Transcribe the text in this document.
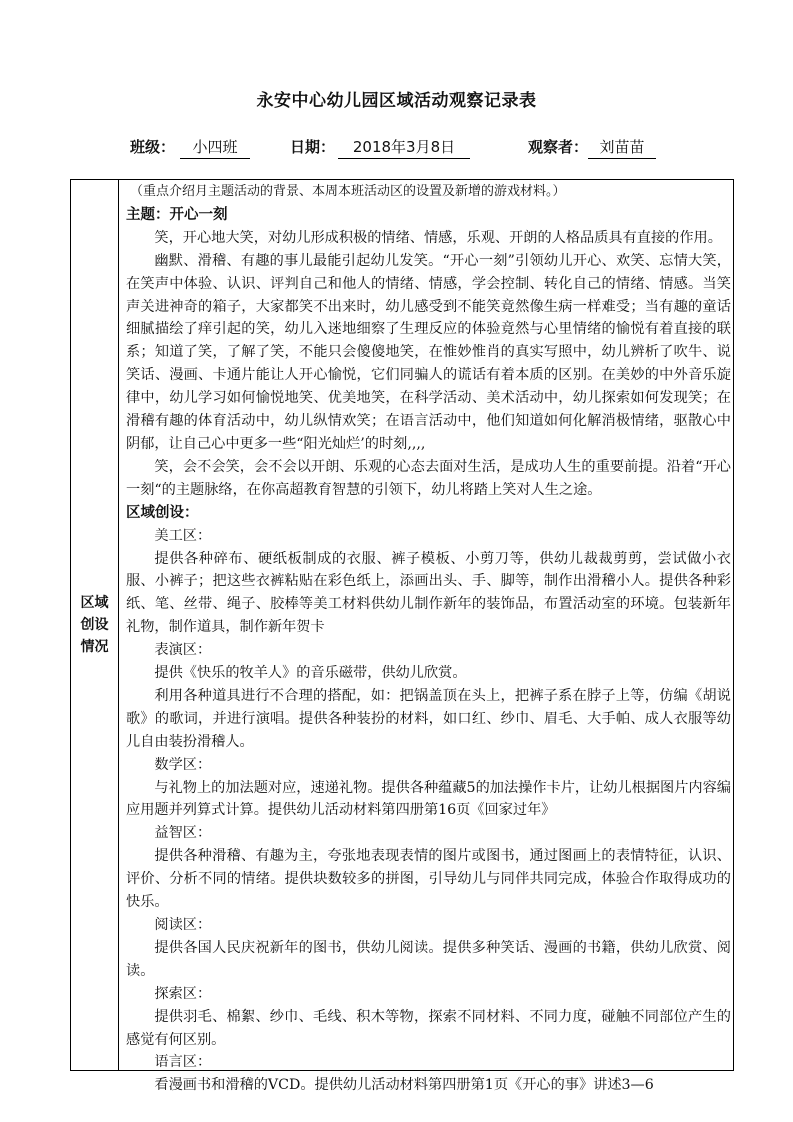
永安中心幼儿园区域活动观察记录表
班级：	小四班	日期：	2018年3月8日	观察者： 刘苗苗
区域
创设
情况

（重点介绍月主题活动的背景、本周本班活动区的设置及新增的游戏材料。）

主题：开心一刻

笑，开心地大笑，对幼儿形成积极的情绪、情感，乐观、开朗的人格品质具有直接的作用。

幽默、滑稽、有趣的事儿最能引起幼儿发笑。“开心一刻”引领幼儿开心、欢笑、忘情大笑，在笑声中体验、认识、评判自己和他人的情绪、情感，学会控制、转化自己的情绪、情感。当笑声关进神奇的箱子，大家都笑不出来时，幼儿感受到不能笑竟然像生病一样难受；当有趣的童话细腻描绘了痒引起的笑，幼儿入迷地细察了生理反应的体验竟然与心里情绪的愉悦有着直接的联系；知道了笑，了解了笑，不能只会傻傻地笑，在惟妙惟肖的真实写照中，幼儿辨析了吹牛、说笑话、漫画、卡通片能让人开心愉悦，它们同骗人的谎话有着本质的区别。在美妙的中外音乐旋律中，幼儿学习如何愉悦地笑、优美地笑，在科学活动、美术活动中，幼儿探索如何发现笑；在滑稽有趣的体育活动中，幼儿纵情欢笑；在语言活动中，他们知道如何化解消极情绪，驱散心中阴郁，让自己心中更多一些“阳光灿烂’的时刻,,,,

笑，会不会笑，会不会以开朗、乐观的心态去面对生活，是成功人生的重要前提。沿着“开心一刻“的主题脉络，在你高超教育智慧的引领下，幼儿将踏上笑对人生之途。

区域创设：

美工区：

提供各种碎布、硬纸板制成的衣服、裤子模板、小剪刀等，供幼儿裁裁剪剪，尝试做小衣服、小裤子；把这些衣裤粘贴在彩色纸上，添画出头、手、脚等，制作出滑稽小人。提供各种彩纸、笔、丝带、绳子、胶棒等美工材料供幼儿制作新年的装饰品，布置活动室的环境。包装新年礼物，制作道具，制作新年贺卡

表演区：

提供《快乐的牧羊人》的音乐磁带，供幼儿欣赏。

利用各种道具进行不合理的搭配，如：把锅盖顶在头上，把裤子系在脖子上等，仿编《胡说歌》的歌词，并进行演唱。提供各种装扮的材料，如口红、纱巾、眉毛、大手帕、成人衣服等幼儿自由装扮滑稽人。

数学区：

与礼物上的加法题对应，速递礼物。提供各种蕴藏5的加法操作卡片，让幼儿根据图片内容编应用题并列算式计算。提供幼儿活动材料第四册第16页《回家过年》

益智区：

提供各种滑稽、有趣为主，夸张地表现表情的图片或图书，通过图画上的表情特征，认识、评价、分析不同的情绪。提供块数较多的拼图，引导幼儿与同伴共同完成，体验合作取得成功的快乐。

阅读区：

提供各国人民庆祝新年的图书，供幼儿阅读。提供多种笑话、漫画的书籍，供幼儿欣赏、阅读。

探索区：

提供羽毛、棉絮、纱巾、毛线、积木等物，探索不同材料、不同力度，碰触不同部位产生的感觉有何区别。

语言区：

看漫画书和滑稽的VCD。提供幼儿活动材料第四册第1页《开心的事》讲述3—6
